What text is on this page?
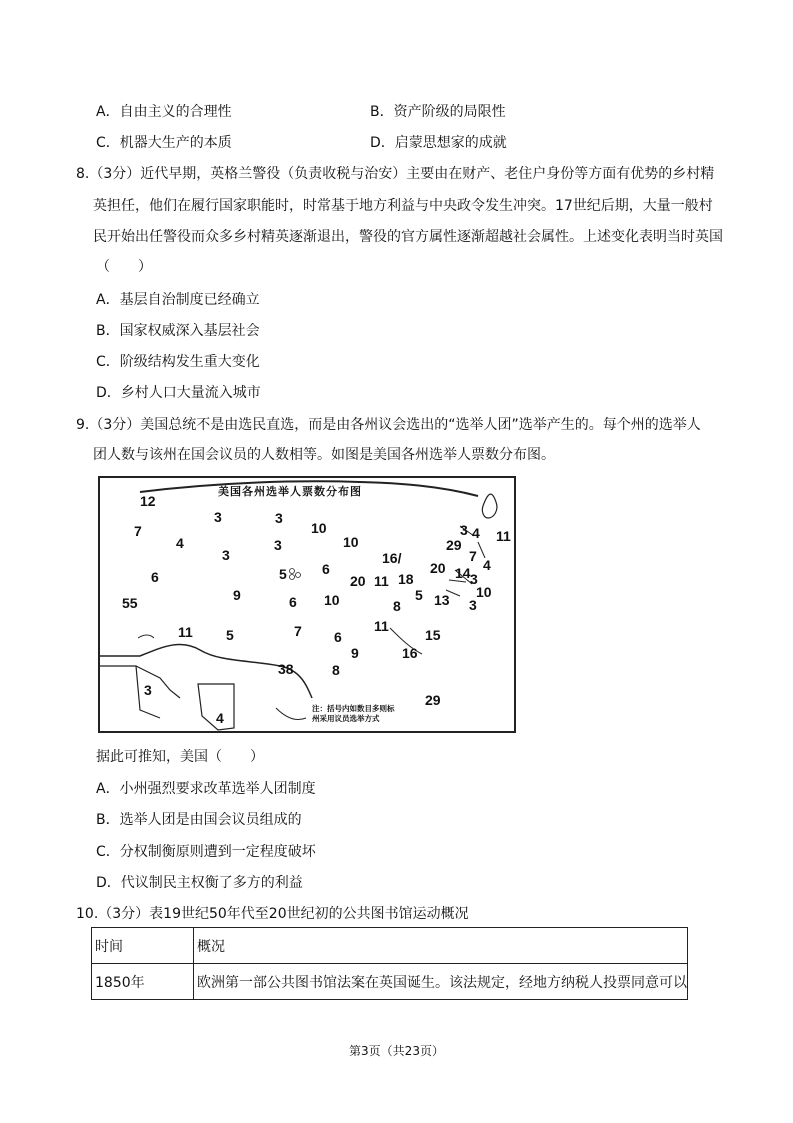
A．自由主义的合理性	B．资产阶级的局限性
C．机器大生产的本质	D．启蒙思想家的成就
8.（3分）近代早期，英格兰警役（负责收税与治安）主要由在财产、老住户身份等方面有优势的乡村精
英担任，他们在履行国家职能时，时常基于地方利益与中央政令发生冲突。17世纪后期，大量一般村
民开始出任警役而众多乡村精英逐渐退出，警役的官方属性逐渐超越社会属性。上述变化表明当时英国
（　　）
A．基层自治制度已经确立
B．国家权威深入基层社会
C．阶级结构发生重大变化
D．乡村人口大量流入城市
9.（3分）美国总统不是由选民直选，而是由各州议会选出的“选举人团”选举产生的。每个州的选举人
团人数与该州在国会议员的人数相等。如图是美国各州选举人票数分布图。
美国各州选举人票数分布图
12
7
4
3	3
10
10
3
3
16/
6
9
5	6
20 11 18
55	6 10	8
11 5	7 6
11
38	8
9	16
3
4
15
5 13
29
14
20
3
4 11
7
4
3
10
3
29
注：括号内如数目多则标
州采用议员选举方式
据此可推知，美国（　　）
A．小州强烈要求改革选举人团制度
B．选举人团是由国会议员组成的
C．分权制衡原则遭到一定程度破坏
D．代议制民主权衡了多方的利益
10.（3分）表19世纪50年代至20世纪初的公共图书馆运动概况
时间	概况
1850年	欧洲第一部公共图书馆法案在英国诞生。该法规定，经地方纳税人投票同意可以
第3页（共23页）
